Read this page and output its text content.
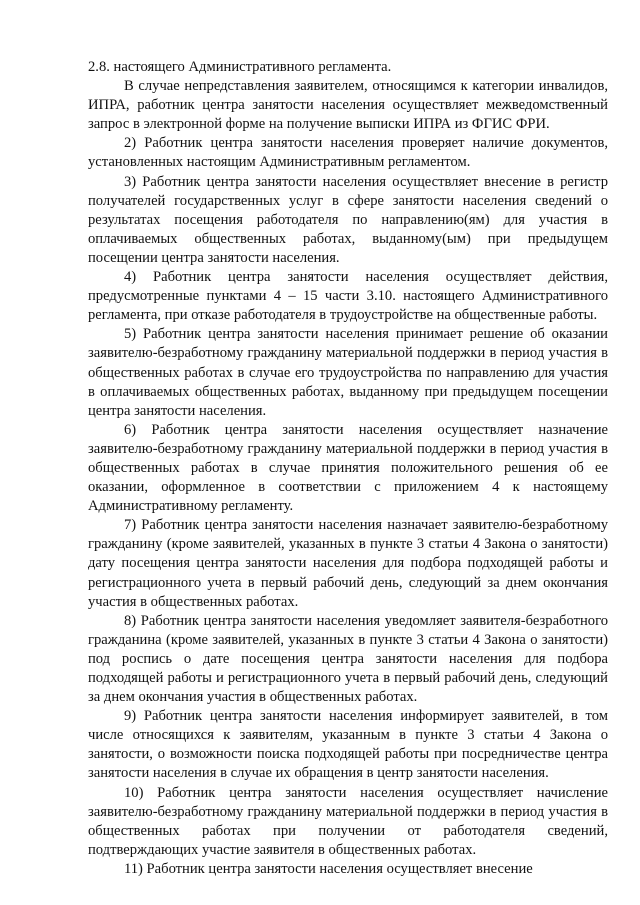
2.8. настоящего Административного регламента.

В случае непредставления заявителем, относящимся к категории инвалидов, ИПРА, работник центра занятости населения осуществляет межведомственный запрос в электронной форме на получение выписки ИПРА из ФГИС ФРИ.

2) Работник центра занятости населения проверяет наличие документов, установленных настоящим Административным регламентом.

3) Работник центра занятости населения осуществляет внесение в регистр получателей государственных услуг в сфере занятости населения сведений о результатах посещения работодателя по направлению(ям) для участия в оплачиваемых общественных работах, выданному(ым) при предыдущем посещении центра занятости населения.

4) Работник центра занятости населения осуществляет действия, предусмотренные пунктами 4 – 15 части 3.10. настоящего Административного регламента, при отказе работодателя в трудоустройстве на общественные работы.

5) Работник центра занятости населения принимает решение об оказании заявителю-безработному гражданину материальной поддержки в период участия в общественных работах в случае его трудоустройства по направлению для участия в оплачиваемых общественных работах, выданному при предыдущем посещении центра занятости населения.

6) Работник центра занятости населения осуществляет назначение заявителю-безработному гражданину материальной поддержки в период участия в общественных работах в случае принятия положительного решения об ее оказании, оформленное в соответствии с приложением 4 к настоящему Административному регламенту.

7) Работник центра занятости населения назначает заявителю-безработному гражданину (кроме заявителей, указанных в пункте 3 статьи 4 Закона о занятости) дату посещения центра занятости населения для подбора подходящей работы и регистрационного учета в первый рабочий день, следующий за днем окончания участия в общественных работах.

8) Работник центра занятости населения уведомляет заявителя-безработного гражданина (кроме заявителей, указанных в пункте 3 статьи 4 Закона о занятости) под роспись о дате посещения центра занятости населения для подбора подходящей работы и регистрационного учета в первый рабочий день, следующий за днем окончания участия в общественных работах.

9) Работник центра занятости населения информирует заявителей, в том числе относящихся к заявителям, указанным в пункте 3 статьи 4 Закона о занятости, о возможности поиска подходящей работы при посредничестве центра занятости населения в случае их обращения в центр занятости населения.

10) Работник центра занятости населения осуществляет начисление заявителю-безработному гражданину материальной поддержки в период участия в общественных работах при получении от работодателя сведений, подтверждающих участие заявителя в общественных работах.

11) Работник центра занятости населения осуществляет внесение
